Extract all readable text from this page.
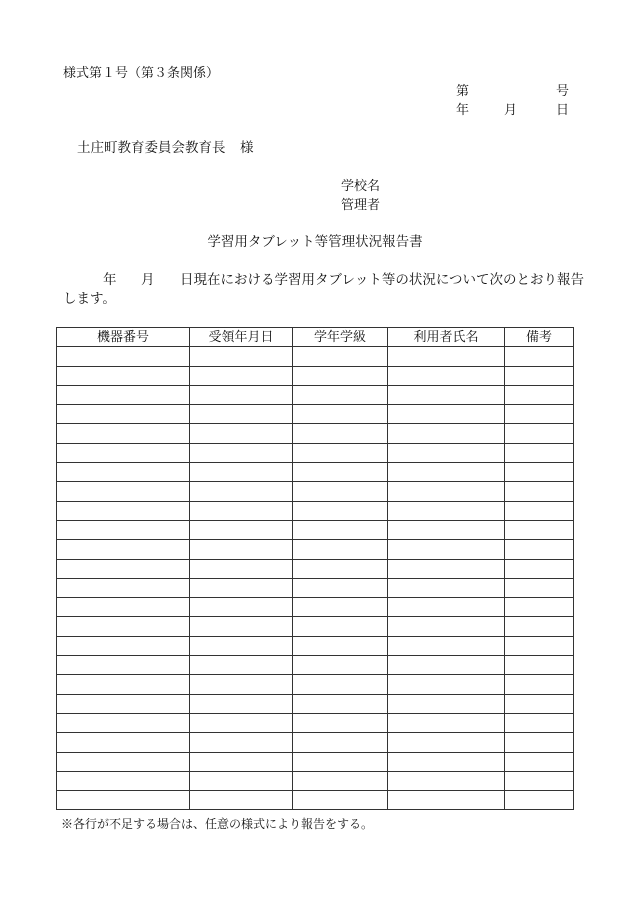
様式第１号（第３条関係）
第	号
年	月	日
土庄町教育委員会教育長 様
学校名
管理者
学習用タブレット等管理状況報告書
年 月 日現在における学習用タブレット等の状況について次のとおり報告
します。
機器番号	受領年月日	学年学級	利用者氏名	備考

※各行が不足する場合は、任意の様式により報告をする。
